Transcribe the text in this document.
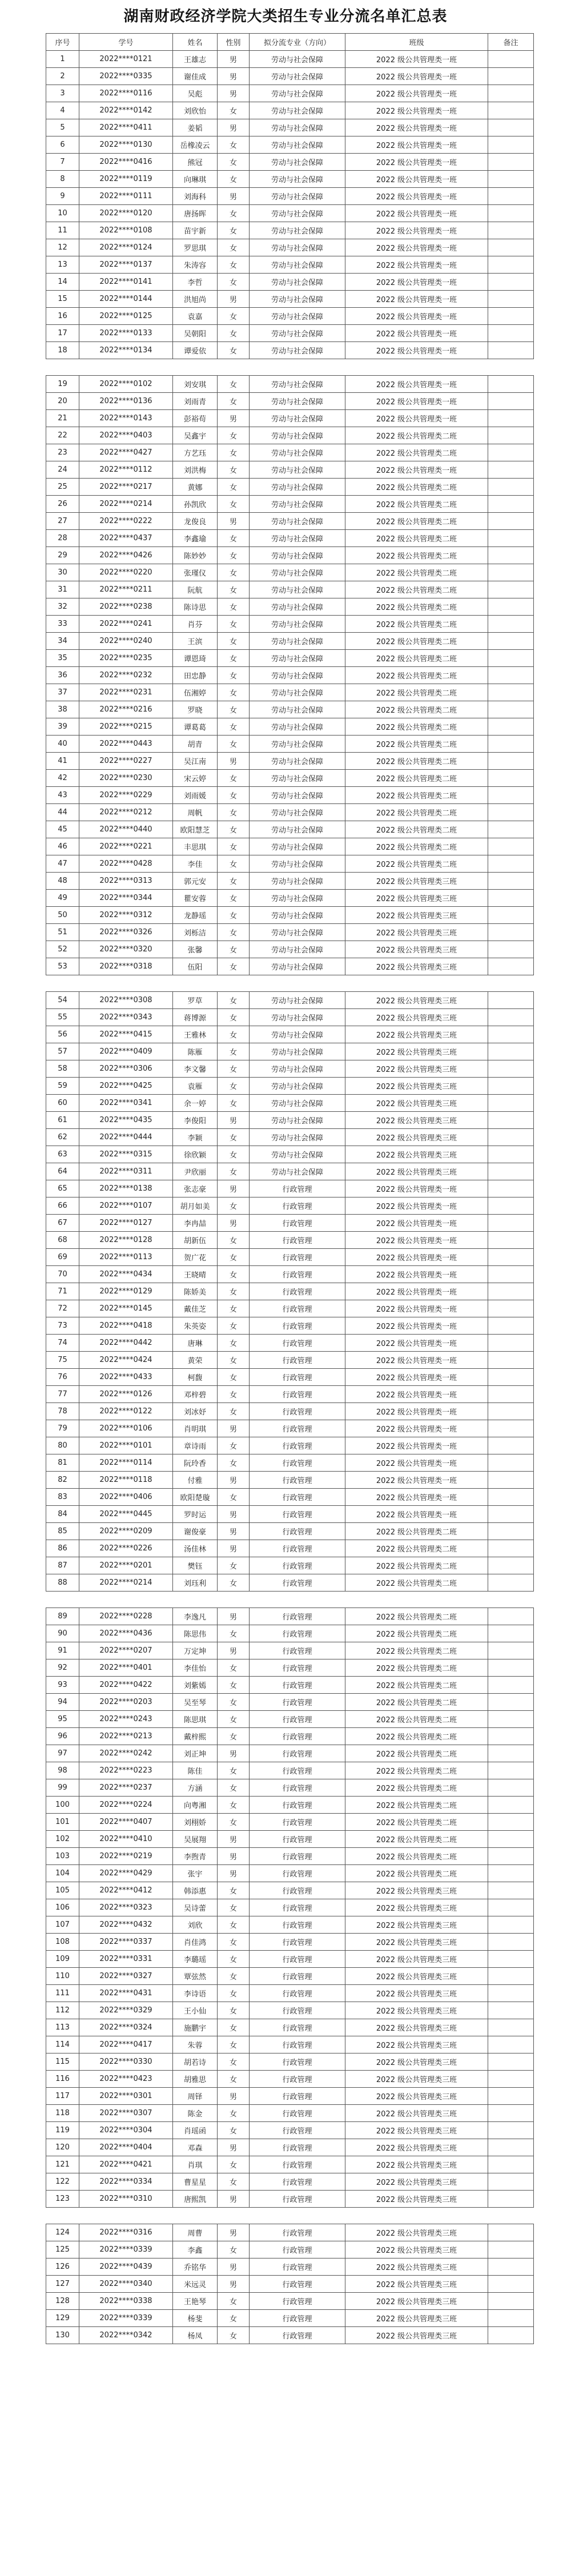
湖南财政经济学院大类招生专业分流名单汇总表
序号	学号	姓名	性别	拟分流专业（方向）	班级	备注
1	2022****0121	王雄志	男	劳动与社会保障	2022 级公共管理类一班	
2	2022****0335	谢佳成	男	劳动与社会保障	2022 级公共管理类一班	
3	2022****0116	吴彪	男	劳动与社会保障	2022 级公共管理类一班	
4	2022****0142	刘欣怡	女	劳动与社会保障	2022 级公共管理类一班	
5	2022****0411	姜韬	男	劳动与社会保障	2022 级公共管理类一班	
6	2022****0130	岳橡凌云	女	劳动与社会保障	2022 级公共管理类一班	
7	2022****0416	熊冠	女	劳动与社会保障	2022 级公共管理类一班	
8	2022****0119	向琳琪	女	劳动与社会保障	2022 级公共管理类一班	
9	2022****0111	刘海科	男	劳动与社会保障	2022 级公共管理类一班	
10	2022****0120	唐扬晖	女	劳动与社会保障	2022 级公共管理类一班	
11	2022****0108	苗宇新	女	劳动与社会保障	2022 级公共管理类一班	
12	2022****0124	罗思琪	女	劳动与社会保障	2022 级公共管理类一班	
13	2022****0137	朱涛容	女	劳动与社会保障	2022 级公共管理类一班	
14	2022****0141	李哲	女	劳动与社会保障	2022 级公共管理类一班	
15	2022****0144	洪旭尚	男	劳动与社会保障	2022 级公共管理类一班	
16	2022****0125	袁嘉	女	劳动与社会保障	2022 级公共管理类一班	
17	2022****0133	吴朝阳	女	劳动与社会保障	2022 级公共管理类一班	
18	2022****0134	谭爱依	女	劳动与社会保障	2022 级公共管理类一班	

19	2022****0102	刘安琪	女	劳动与社会保障	2022 级公共管理类一班	
20	2022****0136	刘雨青	女	劳动与社会保障	2022 级公共管理类一班	
21	2022****0143	彭裕苟	男	劳动与社会保障	2022 级公共管理类一班	
22	2022****0403	吴鑫宇	女	劳动与社会保障	2022 级公共管理类二班	
23	2022****0427	方艺珏	女	劳动与社会保障	2022 级公共管理类二班	
24	2022****0112	刘洪梅	女	劳动与社会保障	2022 级公共管理类一班	
25	2022****0217	黄娜	女	劳动与社会保障	2022 级公共管理类二班	
26	2022****0214	孙凯欣	女	劳动与社会保障	2022 级公共管理类二班	
27	2022****0222	龙俊良	男	劳动与社会保障	2022 级公共管理类二班	
28	2022****0437	李鑫瑜	女	劳动与社会保障	2022 级公共管理类二班	
29	2022****0426	陈妙妙	女	劳动与社会保障	2022 级公共管理类二班	
30	2022****0220	张瑾仪	女	劳动与社会保障	2022 级公共管理类二班	
31	2022****0211	阮航	女	劳动与社会保障	2022 级公共管理类二班	
32	2022****0238	陈诗思	女	劳动与社会保障	2022 级公共管理类二班	
33	2022****0241	肖芬	女	劳动与社会保障	2022 级公共管理类二班	
34	2022****0240	王滨	女	劳动与社会保障	2022 级公共管理类二班	
35	2022****0235	谭恩琦	女	劳动与社会保障	2022 级公共管理类二班	
36	2022****0232	田忠静	女	劳动与社会保障	2022 级公共管理类二班	
37	2022****0231	伍湘婷	女	劳动与社会保障	2022 级公共管理类二班	
38	2022****0216	罗晓	女	劳动与社会保障	2022 级公共管理类二班	
39	2022****0215	谭葛葛	女	劳动与社会保障	2022 级公共管理类二班	
40	2022****0443	胡青	女	劳动与社会保障	2022 级公共管理类二班	
41	2022****0227	吴江南	男	劳动与社会保障	2022 级公共管理类二班	
42	2022****0230	宋云婷	女	劳动与社会保障	2022 级公共管理类二班	
43	2022****0229	刘雨媛	女	劳动与社会保障	2022 级公共管理类二班	
44	2022****0212	周帆	女	劳动与社会保障	2022 级公共管理类二班	
45	2022****0440	欧阳慧芝	女	劳动与社会保障	2022 级公共管理类二班	
46	2022****0221	丰思琪	女	劳动与社会保障	2022 级公共管理类二班	
47	2022****0428	李佳	女	劳动与社会保障	2022 级公共管理类二班	
48	2022****0313	郭元安	女	劳动与社会保障	2022 级公共管理类三班	
49	2022****0344	瞿安蓉	女	劳动与社会保障	2022 级公共管理类三班	
50	2022****0312	龙静瑶	女	劳动与社会保障	2022 级公共管理类三班	
51	2022****0326	刘栎洁	女	劳动与社会保障	2022 级公共管理类三班	
52	2022****0320	张馨	女	劳动与社会保障	2022 级公共管理类三班	
53	2022****0318	伍阳	女	劳动与社会保障	2022 级公共管理类三班	

54	2022****0308	罗草	女	劳动与社会保障	2022 级公共管理类三班	
55	2022****0343	蒋博源	女	劳动与社会保障	2022 级公共管理类三班	
56	2022****0415	王雅林	女	劳动与社会保障	2022 级公共管理类三班	
57	2022****0409	陈雁	女	劳动与社会保障	2022 级公共管理类三班	
58	2022****0306	李文馨	女	劳动与社会保障	2022 级公共管理类三班	
59	2022****0425	袁雁	女	劳动与社会保障	2022 级公共管理类三班	
60	2022****0341	余一婷	女	劳动与社会保障	2022 级公共管理类三班	
61	2022****0435	李俊阳	男	劳动与社会保障	2022 级公共管理类三班	
62	2022****0444	李颖	女	劳动与社会保障	2022 级公共管理类三班	
63	2022****0315	徐欣颖	女	劳动与社会保障	2022 级公共管理类三班	
64	2022****0311	尹欣丽	女	劳动与社会保障	2022 级公共管理类三班	
65	2022****0138	张志豪	男	行政管理	2022 级公共管理类一班	
66	2022****0107	胡月如美	女	行政管理	2022 级公共管理类一班	
67	2022****0127	李冉喆	男	行政管理	2022 级公共管理类一班	
68	2022****0128	胡新伍	女	行政管理	2022 级公共管理类一班	
69	2022****0113	贺广花	女	行政管理	2022 级公共管理类一班	
70	2022****0434	王晓晴	女	行政管理	2022 级公共管理类一班	
71	2022****0129	陈娇美	女	行政管理	2022 级公共管理类一班	
72	2022****0145	戴佳芝	女	行政管理	2022 级公共管理类一班	
73	2022****0418	朱英姿	女	行政管理	2022 级公共管理类一班	
74	2022****0442	唐琳	女	行政管理	2022 级公共管理类一班	
75	2022****0424	黄荣	女	行政管理	2022 级公共管理类一班	
76	2022****0433	柯馥	女	行政管理	2022 级公共管理类一班	
77	2022****0126	邓梓碧	女	行政管理	2022 级公共管理类一班	
78	2022****0122	刘冰妤	女	行政管理	2022 级公共管理类一班	
79	2022****0106	肖明琪	男	行政管理	2022 级公共管理类一班	
80	2022****0101	章诗雨	女	行政管理	2022 级公共管理类一班	
81	2022****0114	阮玲香	女	行政管理	2022 级公共管理类一班	
82	2022****0118	付雅	男	行政管理	2022 级公共管理类一班	
83	2022****0406	欧阳楚璇	女	行政管理	2022 级公共管理类一班	
84	2022****0445	罗时运	男	行政管理	2022 级公共管理类一班	
85	2022****0209	谢俊豪	男	行政管理	2022 级公共管理类二班	
86	2022****0226	汤佳林	男	行政管理	2022 级公共管理类二班	
87	2022****0201	樊钰	女	行政管理	2022 级公共管理类二班	
88	2022****0214	刘珏利	女	行政管理	2022 级公共管理类二班	

89	2022****0228	李逸凡	男	行政管理	2022 级公共管理类二班	
90	2022****0436	陈思伟	女	行政管理	2022 级公共管理类二班	
91	2022****0207	万定坤	男	行政管理	2022 级公共管理类二班	
92	2022****0401	李佳怡	女	行政管理	2022 级公共管理类二班	
93	2022****0422	刘紫嫣	女	行政管理	2022 级公共管理类二班	
94	2022****0203	吴至琴	女	行政管理	2022 级公共管理类二班	
95	2022****0243	陈思琪	女	行政管理	2022 级公共管理类二班	
96	2022****0213	戴梓熙	女	行政管理	2022 级公共管理类二班	
97	2022****0242	刘正坤	男	行政管理	2022 级公共管理类二班	
98	2022****0223	陈佳	女	行政管理	2022 级公共管理类二班	
99	2022****0237	方涵	女	行政管理	2022 级公共管理类二班	
100	2022****0224	向粤湘	女	行政管理	2022 级公共管理类二班	
101	2022****0407	刘栩娇	女	行政管理	2022 级公共管理类二班	
102	2022****0410	吴展翔	男	行政管理	2022 级公共管理类二班	
103	2022****0219	李煦青	男	行政管理	2022 级公共管理类二班	
104	2022****0429	张宇	男	行政管理	2022 级公共管理类二班	
105	2022****0412	韩添惠	女	行政管理	2022 级公共管理类三班	
106	2022****0323	吴诗蕾	女	行政管理	2022 级公共管理类三班	
107	2022****0432	刘欣	女	行政管理	2022 级公共管理类三班	
108	2022****0337	肖佳鸿	女	行政管理	2022 级公共管理类三班	
109	2022****0331	李璐瑶	女	行政管理	2022 级公共管理类三班	
110	2022****0327	覃弦然	女	行政管理	2022 级公共管理类三班	
111	2022****0431	李诗语	女	行政管理	2022 级公共管理类三班	
112	2022****0329	王小仙	女	行政管理	2022 级公共管理类三班	
113	2022****0324	施鹏宇	女	行政管理	2022 级公共管理类三班	
114	2022****0417	朱蓉	女	行政管理	2022 级公共管理类三班	
115	2022****0330	胡若诗	女	行政管理	2022 级公共管理类三班	
116	2022****0423	胡雅思	女	行政管理	2022 级公共管理类三班	
117	2022****0301	周铎	男	行政管理	2022 级公共管理类三班	
118	2022****0307	陈金	女	行政管理	2022 级公共管理类三班	
119	2022****0304	肖瑶函	女	行政管理	2022 级公共管理类三班	
120	2022****0404	邓森	男	行政管理	2022 级公共管理类三班	
121	2022****0421	肖琪	女	行政管理	2022 级公共管理类三班	
122	2022****0334	曹星星	女	行政管理	2022 级公共管理类三班	
123	2022****0310	唐熙凯	男	行政管理	2022 级公共管理类三班	

124	2022****0316	周曹	男	行政管理	2022 级公共管理类三班	
125	2022****0339	李鑫	女	行政管理	2022 级公共管理类三班	
126	2022****0439	乔铭华	男	行政管理	2022 级公共管理类三班	
127	2022****0340	米远灵	男	行政管理	2022 级公共管理类三班	
128	2022****0338	王艳琴	女	行政管理	2022 级公共管理类三班	
129	2022****0339	杨斐	女	行政管理	2022 级公共管理类三班	
130	2022****0342	杨凤	女	行政管理	2022 级公共管理类三班	
